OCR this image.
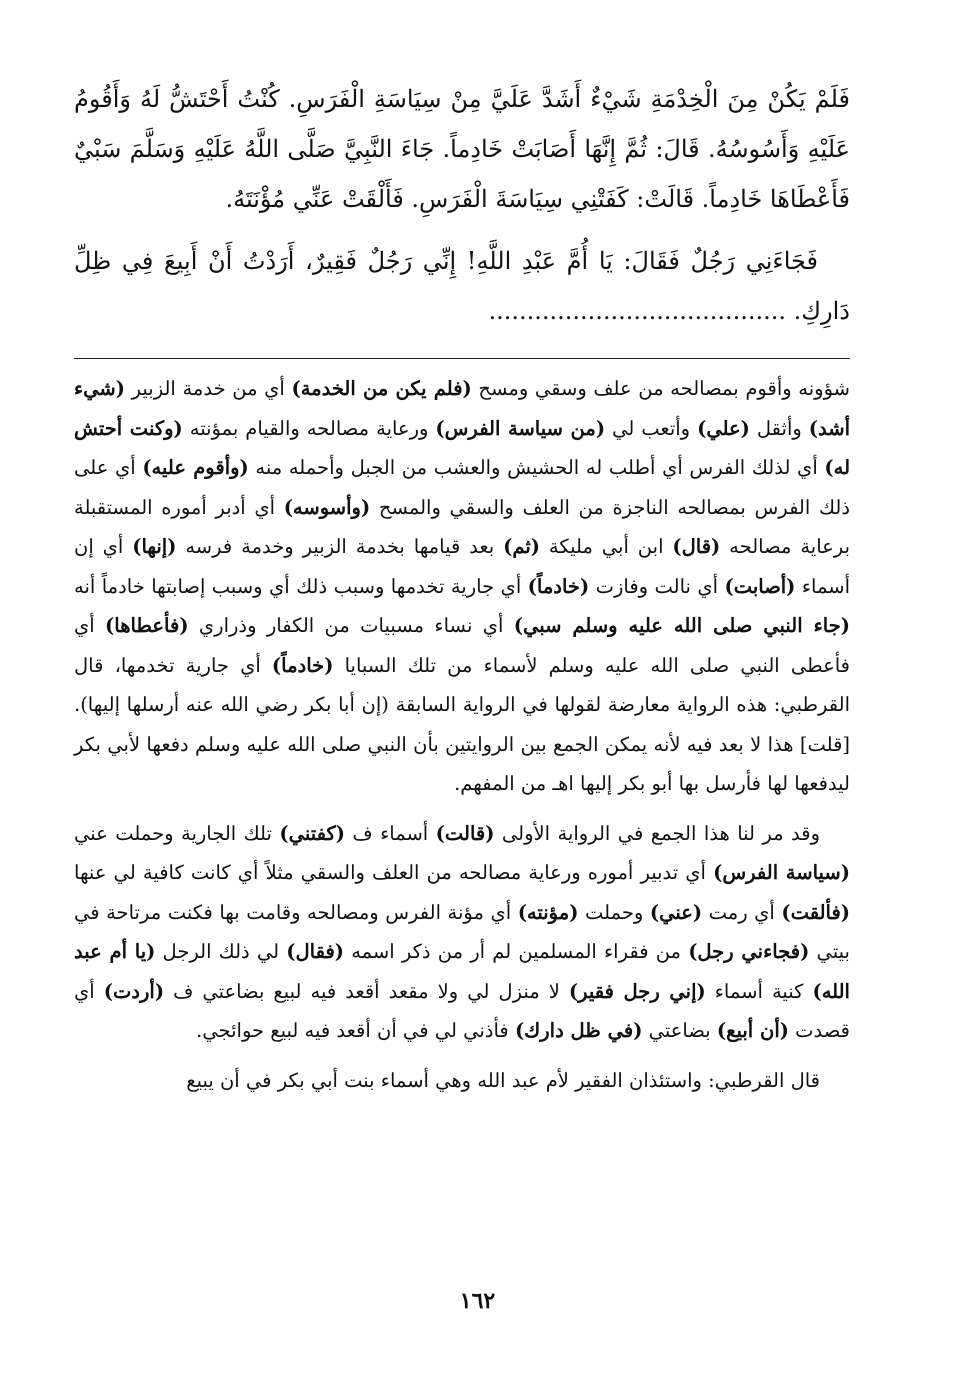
فَلَمْ يَكُنْ مِنَ الْخِدْمَةِ شَيْءٌ أَشَدَّ عَلَيَّ مِنْ سِيَاسَةِ الْفَرَسِ. كُنْتُ أَحْتَشُّ لَهُ وَأَقُومُ عَلَيْهِ وَأَسُوسُهُ. قَالَ: ثُمَّ إِنَّهَا أَصَابَتْ خَادِماً. جَاءَ النَّبِيَّ صَلَّى اللَّهُ عَلَيْهِ وَسَلَّمَ سَبْيٌ فَأَعْطَاهَا خَادِماً. قَالَتْ: كَفَتْنِي سِيَاسَةَ الْفَرَسِ. فَأَلْقَتْ عَنِّي مُؤْنَتَهُ.

فَجَاءَنِي رَجُلٌ فَقَالَ: يَا أُمَّ عَبْدِ اللَّهِ! إِنِّي رَجُلٌ فَقِيرٌ، أَرَدْتُ أَنْ أَبِيعَ فِي ظِلِّ دَارِكِ. .......................................

شؤونه وأقوم بمصالحه من علف وسقي ومسح (فلم يكن من الخدمة) أي من خدمة الزبير (شيء أشد) وأثقل (علي) وأتعب لي (من سياسة الفرس) ورعاية مصالحه والقيام بمؤنته (وكنت أحتش له) أي لذلك الفرس أي أطلب له الحشيش والعشب من الجبل وأحمله منه (وأقوم عليه) أي على ذلك الفرس بمصالحه الناجزة من العلف والسقي والمسح (وأسوسه) أي أدبر أموره المستقبلة برعاية مصالحه (قال) ابن أبي مليكة (ثم) بعد قيامها بخدمة الزبير وخدمة فرسه (إنها) أي إن أسماء (أصابت) أي نالت وفازت (خادماً) أي جارية تخدمها وسبب ذلك أي وسبب إصابتها خادماً أنه (جاء النبي صلى الله عليه وسلم سبي) أي نساء مسبيات من الكفار وذراري (فأعطاها) أي فأعطى النبي صلى الله عليه وسلم لأسماء من تلك السبايا (خادماً) أي جارية تخدمها، قال القرطبي: هذه الرواية معارضة لقولها في الرواية السابقة (إن أبا بكر رضي الله عنه أرسلها إليها). [قلت] هذا لا بعد فيه لأنه يمكن الجمع بين الروايتين بأن النبي صلى الله عليه وسلم دفعها لأبي بكر ليدفعها لها فأرسل بها أبو بكر إليها اهـ من المفهم.

وقد مر لنا هذا الجمع في الرواية الأولى (قالت) أسماء ف (كفتني) تلك الجارية وحملت عني (سياسة الفرس) أي تدبير أموره ورعاية مصالحه من العلف والسقي مثلاً أي كانت كافية لي عنها (فألقت) أي رمت (عني) وحملت (مؤنته) أي مؤنة الفرس ومصالحه وقامت بها فكنت مرتاحة في بيتي (فجاءني رجل) من فقراء المسلمين لم أر من ذكر اسمه (فقال) لي ذلك الرجل (يا أم عبد الله) كنية أسماء (إني رجل فقير) لا منزل لي ولا مقعد أقعد فيه لبيع بضاعتي ف (أردت) أي قصدت (أن أبيع) بضاعتي (في ظل دارك) فأذني لي في أن أقعد فيه لبيع حوائجي.

قال القرطبي: واستئذان الفقير لأم عبد الله وهي أسماء بنت أبي بكر في أن يبيع

١٦٢
